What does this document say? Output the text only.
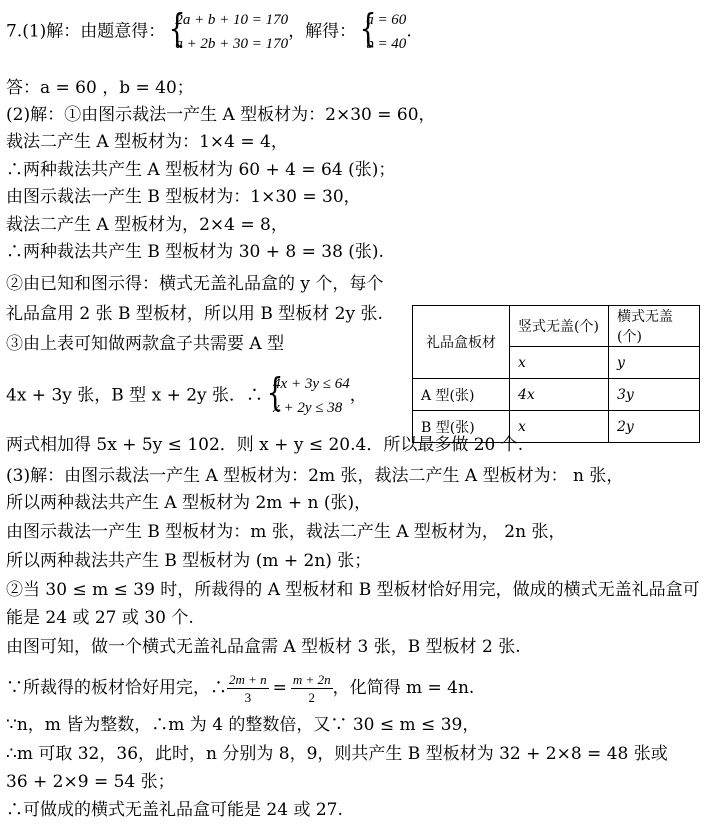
7.(1)解：由题意得： {
2a + b + 10 = 170
a + 2b + 30 = 170
，解得： {
a = 60
b = 40
.
答：a = 60 ，b = 40；
(2)解：①由图示裁法一产生 A 型板材为：2×30 = 60，
裁法二产生 A 型板材为：1×4 = 4，
∴两种裁法共产生 A 型板材为 60 + 4 = 64 (张)；
由图示裁法一产生 B 型板材为：1×30 = 30，
裁法二产生 A 型板材为，2×4 = 8，
∴两种裁法共产生 B 型板材为 30 + 8 = 38 (张).
②由已知和图示得：横式无盖礼品盒的 y 个，每个
礼品盒用 2 张 B 型板材，所以用 B 型板材 2y 张.
③由上表可知做两款盒子共需要 A 型
4x + 3y 张，B 型 x + 2y 张．∴ {
4x + 3y ≤ 64
x + 2y ≤ 38
，
礼品盒板材	竖式无盖(个)	横式无盖(个)
	x	y
A 型(张)	4x	3y
B 型(张)	x	2y
两式相加得 5x + 5y ≤ 102．则 x + y ≤ 20.4．所以最多做 20 个.
(3)解：由图示裁法一产生 A 型板材为：2m 张，裁法二产生 A 型板材为： n 张，
所以两种裁法共产生 A 型板材为 2m + n (张)，
由图示裁法一产生 B 型板材为：m 张，裁法二产生 A 型板材为， 2n 张，
所以两种裁法共产生 B 型板材为 (m + 2n) 张；
②当 30 ≤ m ≤ 39 时，所裁得的 A 型板材和 B 型板材恰好用完，做成的横式无盖礼品盒可
能是 24 或 27 或 30 个.
由图可知，做一个横式无盖礼品盒需 A 型板材 3 张，B 型板材 2 张.
∵所裁得的板材恰好用完，∴ $\frac{2m + n}{3} = \frac{m + 2n}{2}$ ，化简得 m = 4n.
∵n，m 皆为整数，∴m 为 4 的整数倍，又∵ 30 ≤ m ≤ 39，
∴m 可取 32，36，此时，n 分别为 8，9，则共产生 B 型板材为 32 + 2×8 = 48 张或
36 + 2×9 = 54 张；
∴可做成的横式无盖礼品盒可能是 24 或 27.
